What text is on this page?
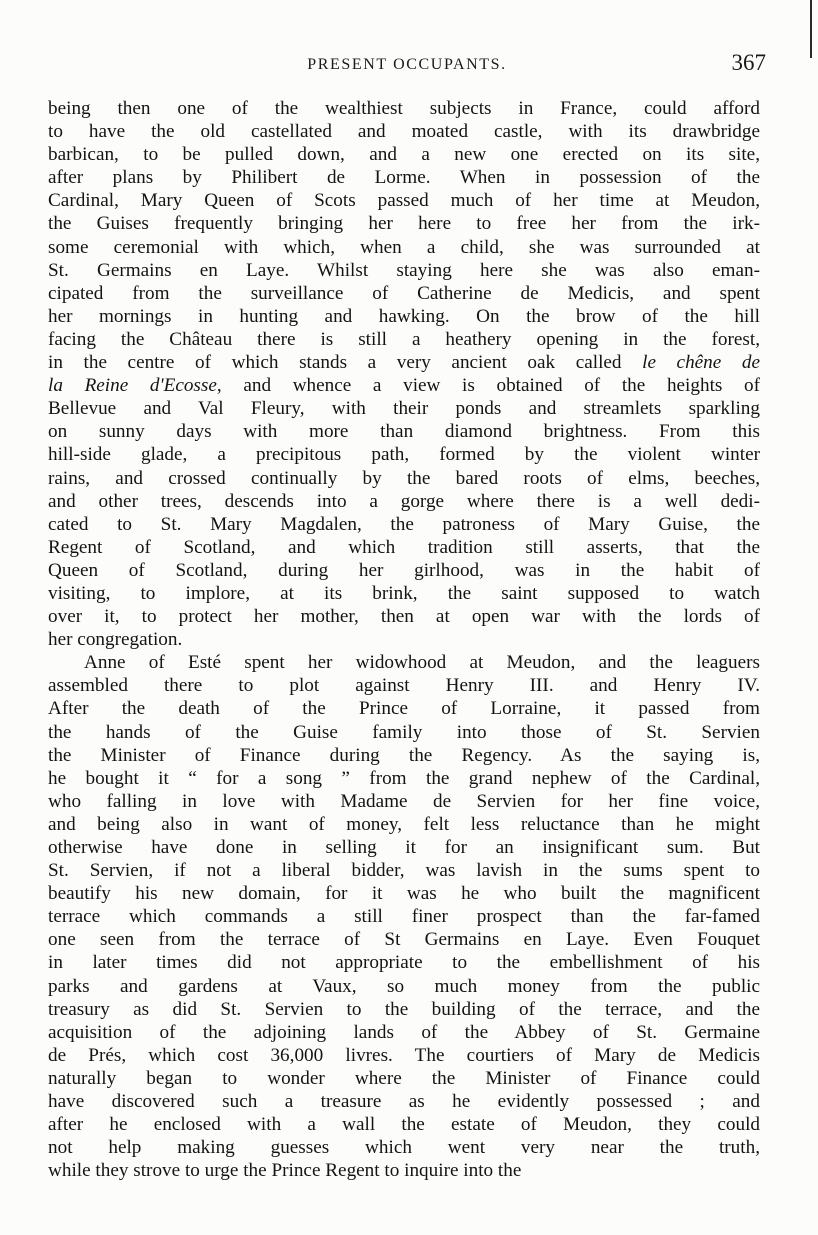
PRESENT OCCUPANTS.	367
being then one of the wealthiest subjects in France, could afford
to have the old castellated and moated castle, with its drawbridge
barbican, to be pulled down, and a new one erected on its site,
after plans by Philibert de Lorme. When in possession of the
Cardinal, Mary Queen of Scots passed much of her time at Meudon,
the Guises frequently bringing her here to free her from the irk-
some ceremonial with which, when a child, she was surrounded at
St. Germains en Laye. Whilst staying here she was also eman-
cipated from the surveillance of Catherine de Medicis, and spent
her mornings in hunting and hawking. On the brow of the hill
facing the Château there is still a heathery opening in the forest,
in the centre of which stands a very ancient oak called le chêne de
la Reine d'Ecosse, and whence a view is obtained of the heights of
Bellevue and Val Fleury, with their ponds and streamlets sparkling
on sunny days with more than diamond brightness. From this
hill-side glade, a precipitous path, formed by the violent winter
rains, and crossed continually by the bared roots of elms, beeches,
and other trees, descends into a gorge where there is a well dedi-
cated to St. Mary Magdalen, the patroness of Mary Guise, the
Regent of Scotland, and which tradition still asserts, that the
Queen of Scotland, during her girlhood, was in the habit of
visiting, to implore, at its brink, the saint supposed to watch
over it, to protect her mother, then at open war with the lords of
her congregation.
Anne of Esté spent her widowhood at Meudon, and the leaguers
assembled there to plot against Henry III. and Henry IV.
After the death of the Prince of Lorraine, it passed from
the hands of the Guise family into those of St. Servien
the Minister of Finance during the Regency. As the saying is,
he bought it “ for a song ” from the grand nephew of the Cardinal,
who falling in love with Madame de Servien for her fine voice,
and being also in want of money, felt less reluctance than he might
otherwise have done in selling it for an insignificant sum. But
St. Servien, if not a liberal bidder, was lavish in the sums spent to
beautify his new domain, for it was he who built the magnificent
terrace which commands a still finer prospect than the far-famed
one seen from the terrace of St Germains en Laye. Even Fouquet
in later times did not appropriate to the embellishment of his
parks and gardens at Vaux, so much money from the public
treasury as did St. Servien to the building of the terrace, and the
acquisition of the adjoining lands of the Abbey of St. Germaine
de Prés, which cost 36,000 livres. The courtiers of Mary de Medicis
naturally began to wonder where the Minister of Finance could
have discovered such a treasure as he evidently possessed ; and
after he enclosed with a wall the estate of Meudon, they could
not help making guesses which went very near the truth,
while they strove to urge the Prince Regent to inquire into the
